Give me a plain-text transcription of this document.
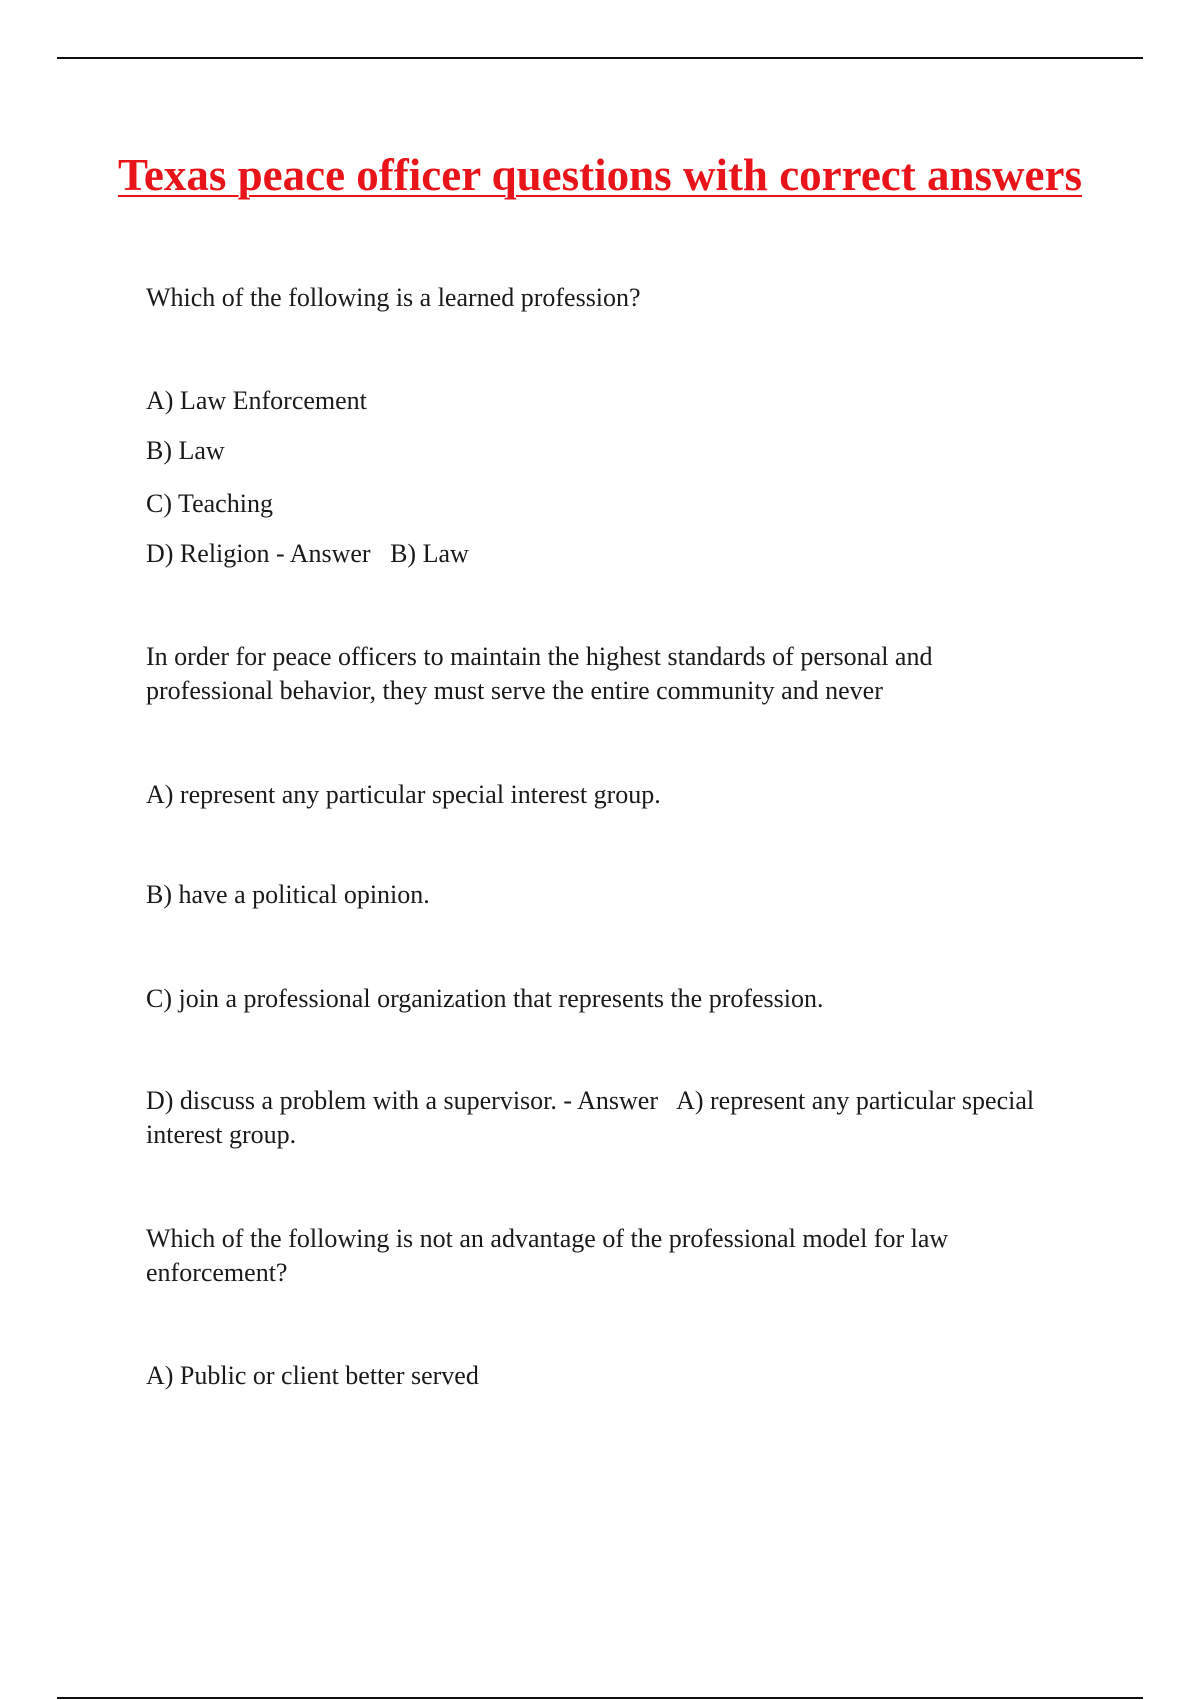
Texas peace officer questions with correct answers

Which of the following is a learned profession?

A) Law Enforcement

B) Law

C) Teaching

D) Religion - Answer B) Law

In order for peace officers to maintain the highest standards of personal and professional behavior, they must serve the entire community and never

A) represent any particular special interest group.

B) have a political opinion.

C) join a professional organization that represents the profession.

D) discuss a problem with a supervisor. - Answer A) represent any particular special interest group.

Which of the following is not an advantage of the professional model for law enforcement?

A) Public or client better served
